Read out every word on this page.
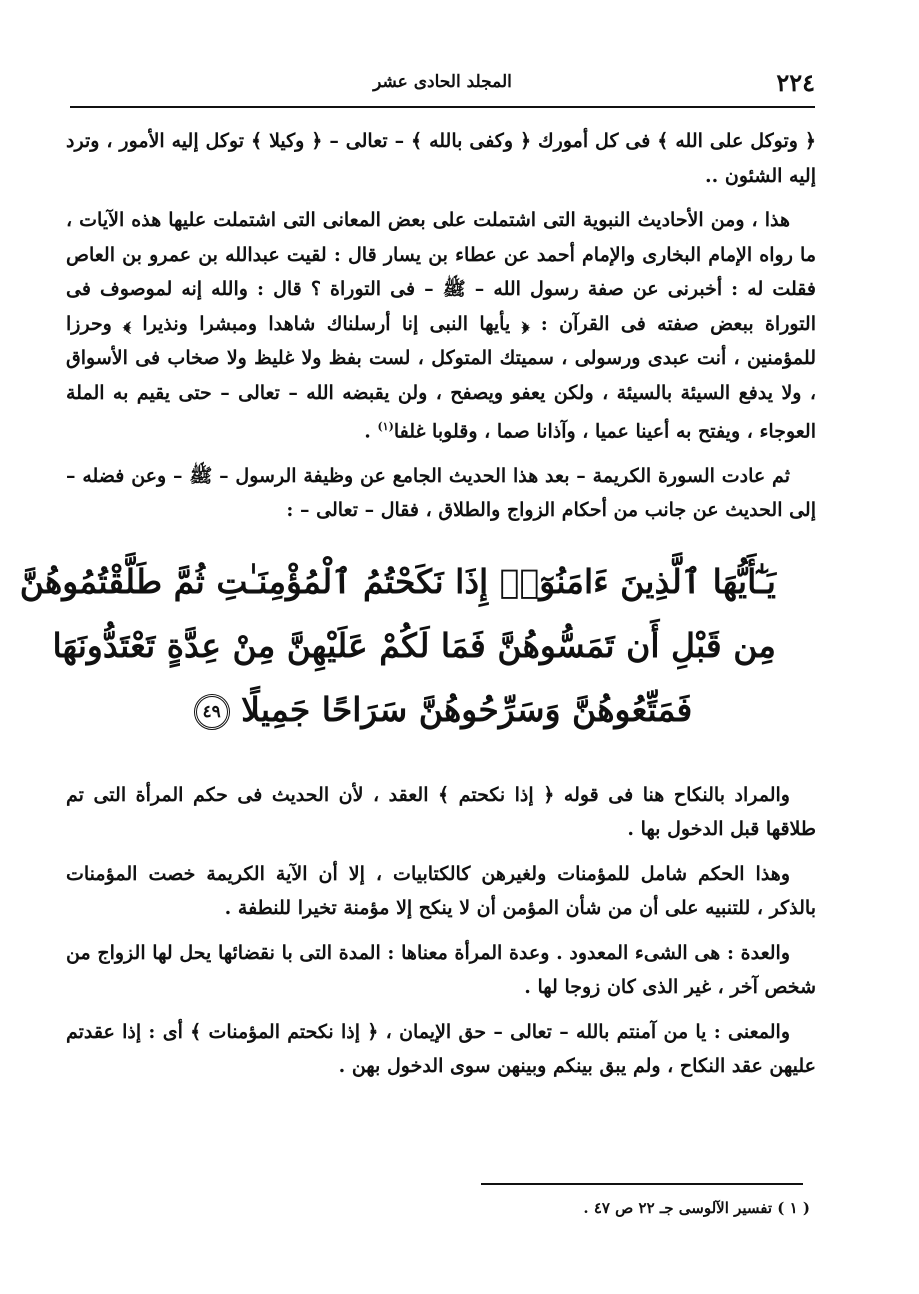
٢٢٤
المجلد الحادى عشر

﴿ وتوكل على الله ﴾ فى كل أمورك ﴿ وكفى بالله ﴾ – تعالى – ﴿ وكيلا ﴾ توكل إليه الأمور ، وترد إليه الشئون ..

هذا ، ومن الأحاديث النبوية التى اشتملت على بعض المعانى التى اشتملت عليها هذه الآيات ، ما رواه الإمام البخارى والإمام أحمد عن عطاء بن يسار قال : لقيت عبدالله بن عمرو بن العاص فقلت له : أخبرنى عن صفة رسول الله – ﷺ – فى التوراة ؟ قال : والله إنه لموصوف فى التوراة ببعض صفته فى القرآن : ﴿ يأيها النبى إنا أرسلناك شاهدا ومبشرا ونذيرا ﴾ وحرزا للمؤمنين ، أنت عبدى ورسولى ، سميتك المتوكل ، لست بفظ ولا غليظ ولا صخاب فى الأسواق ، ولا يدفع السيئة بالسيئة ، ولكن يعفو ويصفح ، ولن يقبضه الله – تعالى – حتى يقيم به الملة العوجاء ، ويفتح به أعينا عميا ، وآذانا صما ، وقلوبا غلفا$^{(١)}$ .

ثم عادت السورة الكريمة – بعد هذا الحديث الجامع عن وظيفة الرسول – ﷺ – وعن فضله – إلى الحديث عن جانب من أحكام الزواج والطلاق ، فقال – تعالى – :

يَـٰٓأَيُّهَا ٱلَّذِينَ ءَامَنُوٓا۟ إِذَا نَكَحْتُمُ ٱلْمُؤْمِنَـٰتِ ثُمَّ طَلَّقْتُمُوهُنَّ
مِن قَبْلِ أَن تَمَسُّوهُنَّ فَمَا لَكُمْ عَلَيْهِنَّ مِنْ عِدَّةٍ تَعْتَدُّونَهَا
فَمَتِّعُوهُنَّ وَسَرِّحُوهُنَّ سَرَاحًا جَمِيلًا ٤٩

والمراد بالنكاح هنا فى قوله ﴿ إذا نكحتم ﴾ العقد ، لأن الحديث فى حكم المرأة التى تم طلاقها قبل الدخول بها .

وهذا الحكم شامل للمؤمنات ولغيرهن كالكتابيات ، إلا أن الآية الكريمة خصت المؤمنات بالذكر ، للتنبيه على أن من شأن المؤمن أن لا ينكح إلا مؤمنة تخيرا للنطفة .

والعدة : هى الشىء المعدود . وعدة المرأة معناها : المدة التى با نقضائها يحل لها الزواج من شخص آخر ، غير الذى كان زوجا لها .

والمعنى : يا من آمنتم بالله – تعالى – حق الإيمان ، ﴿ إذا نكحتم المؤمنات ﴾ أى : إذا عقدتم عليهن عقد النكاح ، ولم يبق بينكم وبينهن سوى الدخول بهن .

( ١ ) تفسير الآلوسى جـ ٢٢ ص ٤٧ .
